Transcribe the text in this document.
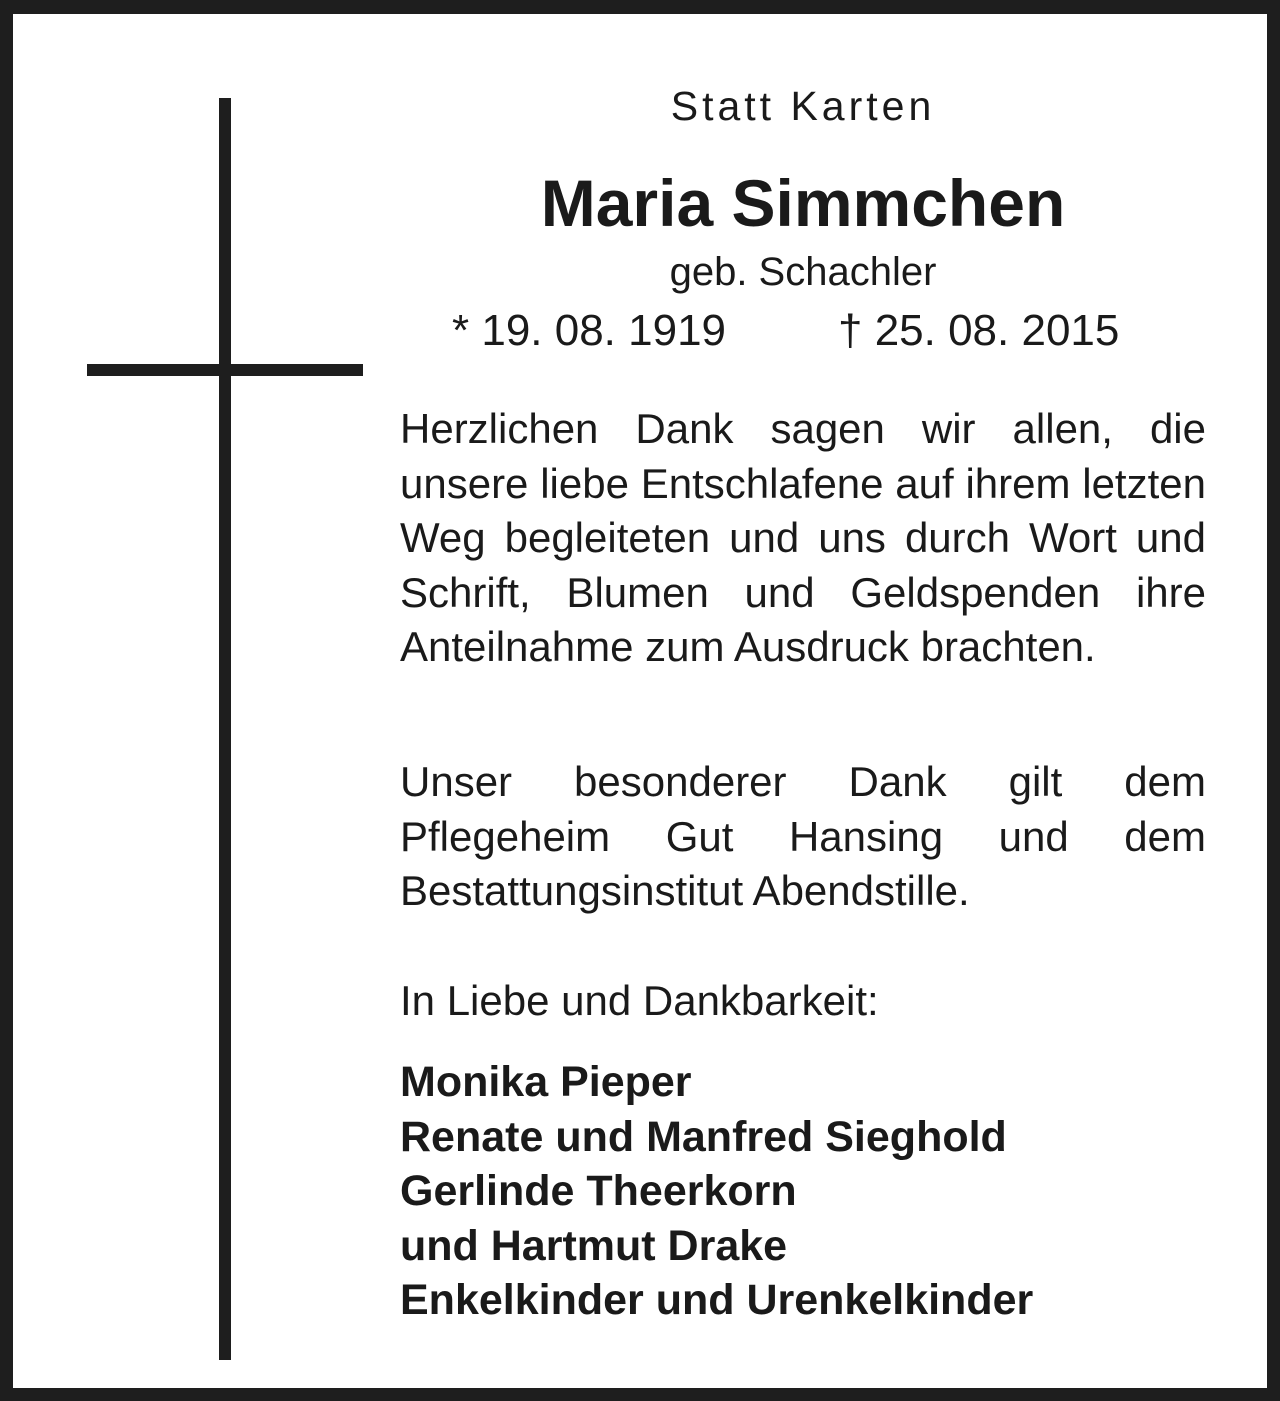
Statt Karten
Maria Simmchen
geb. Schachler
* 19. 08. 1919	† 25. 08. 2015

Herzlichen Dank sagen wir allen, die unsere liebe Entschlafene auf ihrem letzten Weg begleiteten und uns durch Wort und Schrift, Blumen und Geldspenden ihre Anteilnahme zum Ausdruck brachten.

Unser besonderer Dank gilt dem Pflegeheim Gut Hansing und dem Bestattungsinstitut Abendstille.

In Liebe und Dankbarkeit:
Monika Pieper
Renate und Manfred Sieghold
Gerlinde Theerkorn
und Hartmut Drake
Enkelkinder und Urenkelkinder
